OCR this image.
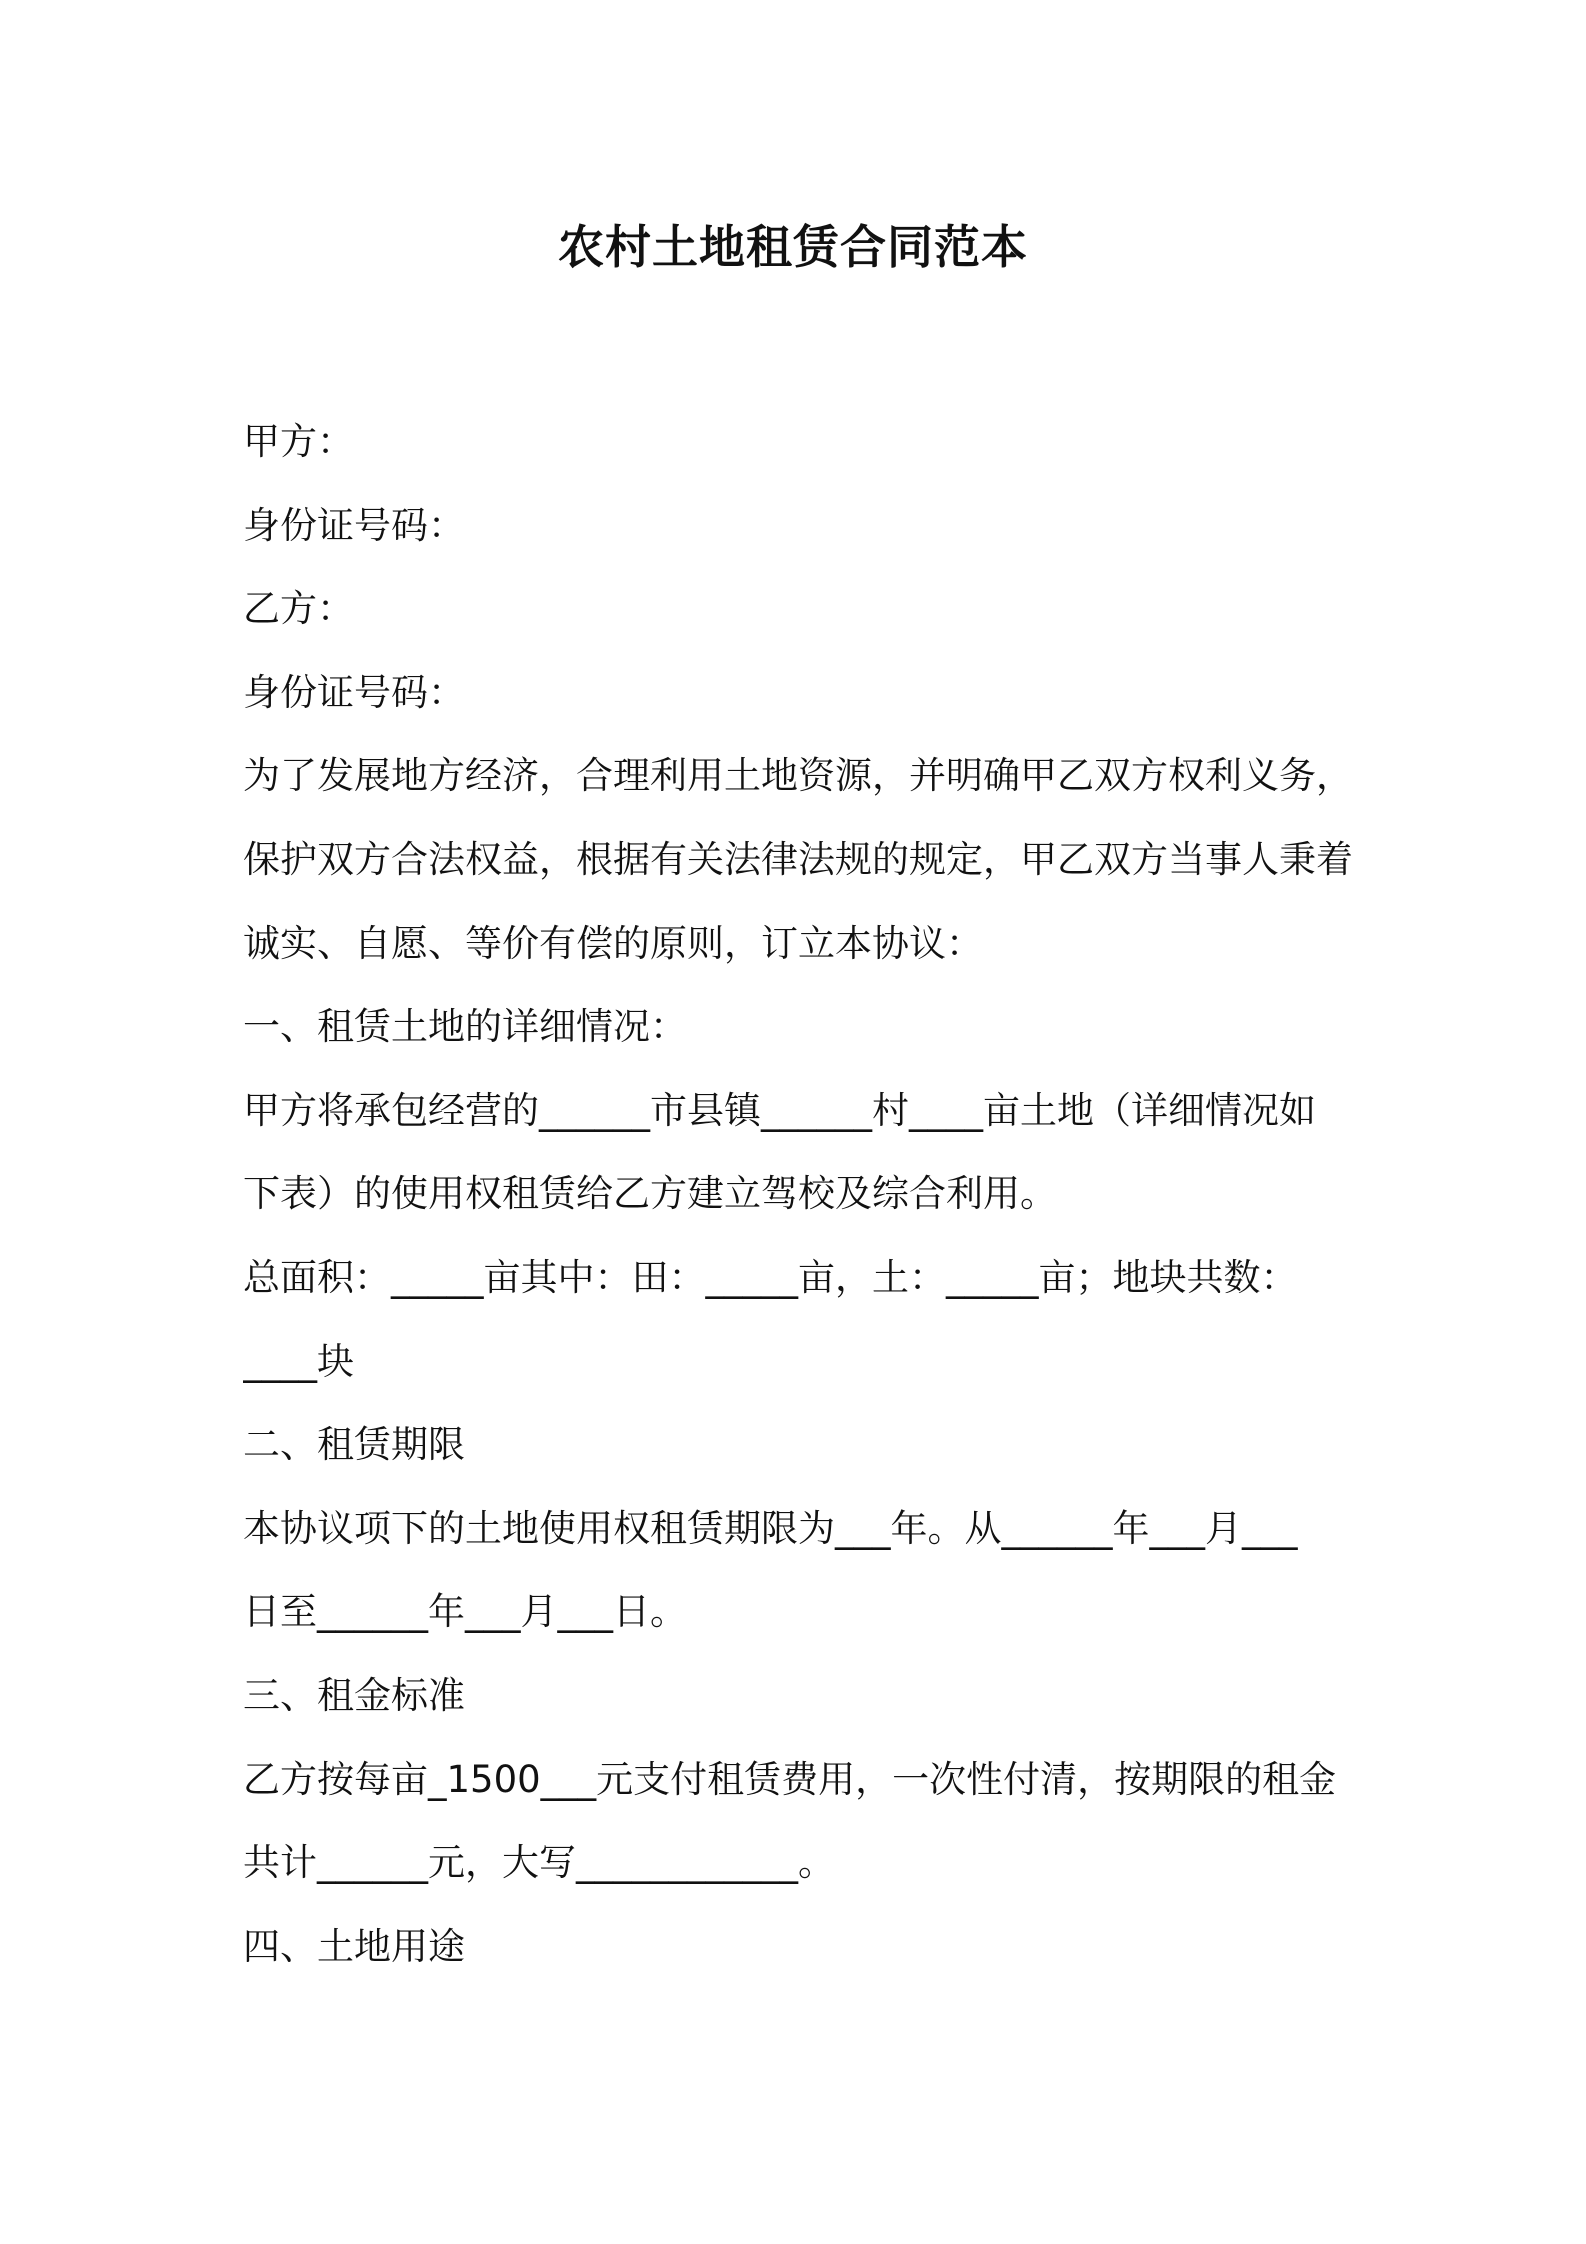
农村土地租赁合同范本
甲方：
身份证号码：
乙方：
身份证号码：
为了发展地方经济，合理利用土地资源，并明确甲乙双方权利义务，
保护双方合法权益，根据有关法律法规的规定，甲乙双方当事人秉着
诚实、自愿、等价有偿的原则，订立本协议：
一、租赁土地的详细情况：
甲方将承包经营的______市县镇______村____亩土地（详细情况如
下表）的使用权租赁给乙方建立驾校及综合利用。
总面积：_____亩其中：田：_____亩，土：_____亩；地块共数：
____块
二、租赁期限
本协议项下的土地使用权租赁期限为___年。从______年___月___
日至______年___月___日。
三、租金标准
乙方按每亩_1500___元支付租赁费用，一次性付清，按期限的租金
共计______元，大写____________。
四、土地用途
